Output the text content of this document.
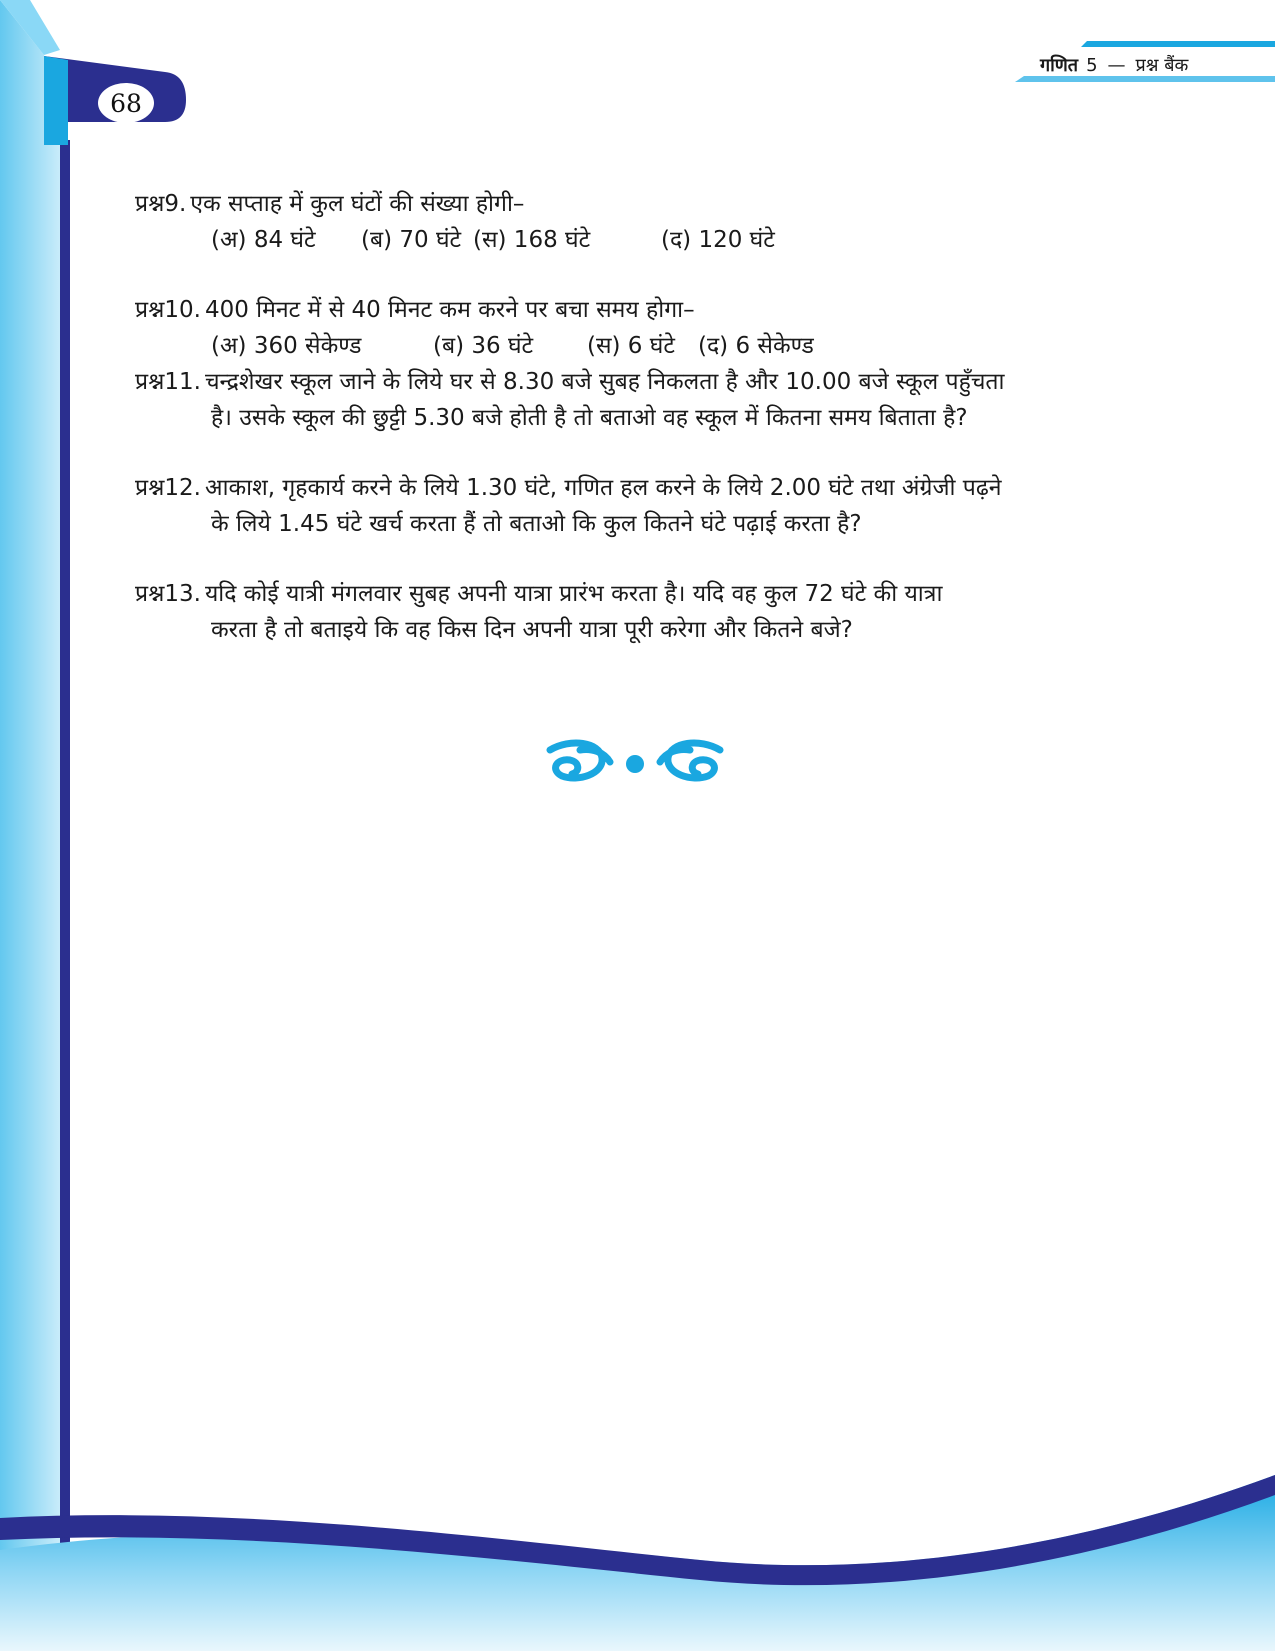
68
गणित 5 — प्रश्न बैंक
प्रश्न9. एक सप्ताह में कुल घंटों की संख्या होगी–
(अ) 84 घंटे (ब) 70 घंटे (स) 168 घंटे	(द) 120 घंटे
प्रश्न10. 400 मिनट में से 40 मिनट कम करने पर बचा समय होगा–
(अ) 360 सेकेण्ड	(ब) 36 घंटे (स) 6 घंटे (द) 6 सेकेण्ड
प्रश्न11. चन्द्रशेखर स्कूल जाने के लिये घर से 8.30 बजे सुबह निकलता है और 10.00 बजे स्कूल पहुँचता
है। उसके स्कूल की छुट्टी 5.30 बजे होती है तो बताओ वह स्कूल में कितना समय बिताता है?
प्रश्न12. आकाश, गृहकार्य करने के लिये 1.30 घंटे, गणित हल करने के लिये 2.00 घंटे तथा अंग्रेजी पढ़ने
के लिये 1.45 घंटे खर्च करता हैं तो बताओ कि कुल कितने घंटे पढ़ाई करता है?
प्रश्न13. यदि कोई यात्री मंगलवार सुबह अपनी यात्रा प्रारंभ करता है। यदि वह कुल 72 घंटे की यात्रा
करता है तो बताइये कि वह किस दिन अपनी यात्रा पूरी करेगा और कितने बजे?
